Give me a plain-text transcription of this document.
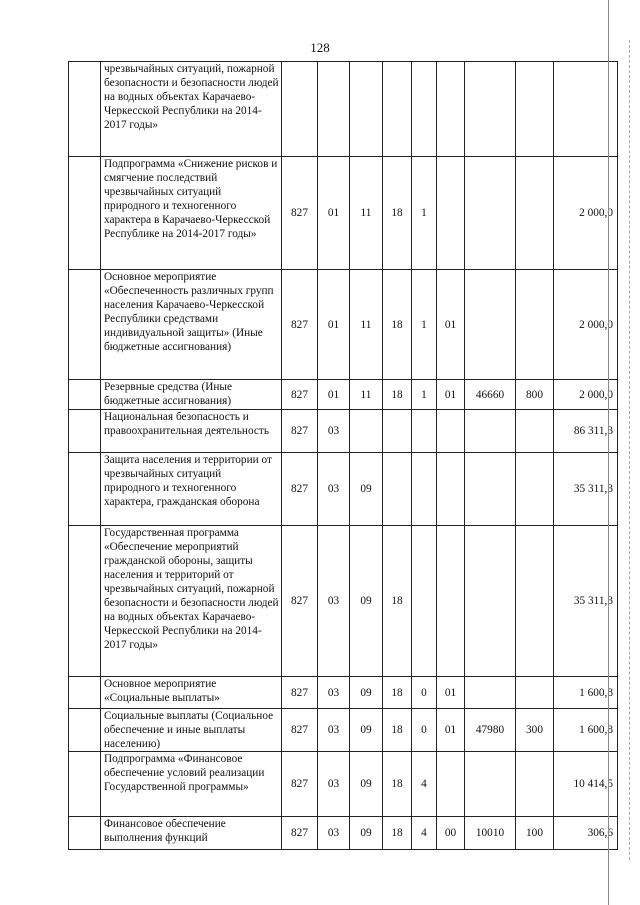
128
	чрезвычайных ситуаций, пожарной безопасности и безопасности людей на водных объектах Карачаево-Черкесской Республики на 2014-2017 годы»									
	Подпрограмма «Снижение рисков и смягчение последствий чрезвычайных ситуаций природного и техногенного характера в Карачаево-Черкесской Республике на 2014-2017 годы»	827	01	11	18	1				2 000,0
	Основное мероприятие «Обеспеченность различных групп населения Карачаево-Черкесской Республики средствами индивидуальной защиты» (Иные бюджетные ассигнования)	827	01	11	18	1	01			2 000,0
	Резервные средства (Иные бюджетные ассигнования)	827	01	11	18	1	01	46660	800	2 000,0
	Национальная безопасность и правоохранительная деятельность	827	03							86 311,3
	Защита населения и территории от чрезвычайных ситуаций природного и техногенного характера, гражданская оборона	827	03	09						35 311,3
	Государственная программа «Обеспечение мероприятий гражданской обороны, защиты населения и территорий от чрезвычайных ситуаций, пожарной безопасности и безопасности людей на водных объектах Карачаево-Черкесской Республики на 2014-2017 годы»	827	03	09	18					35 311,3
	Основное мероприятие «Социальные выплаты»	827	03	09	18	0	01			1 600,8
	Социальные выплаты (Социальное обеспечение и иные выплаты населению)	827	03	09	18	0	01	47980	300	1 600,8
	Подпрограмма «Финансовое обеспечение условий реализации Государственной программы»	827	03	09	18	4				10 414,5
	Финансовое обеспечение выполнения функций	827	03	09	18	4	00	10010	100	306,6
